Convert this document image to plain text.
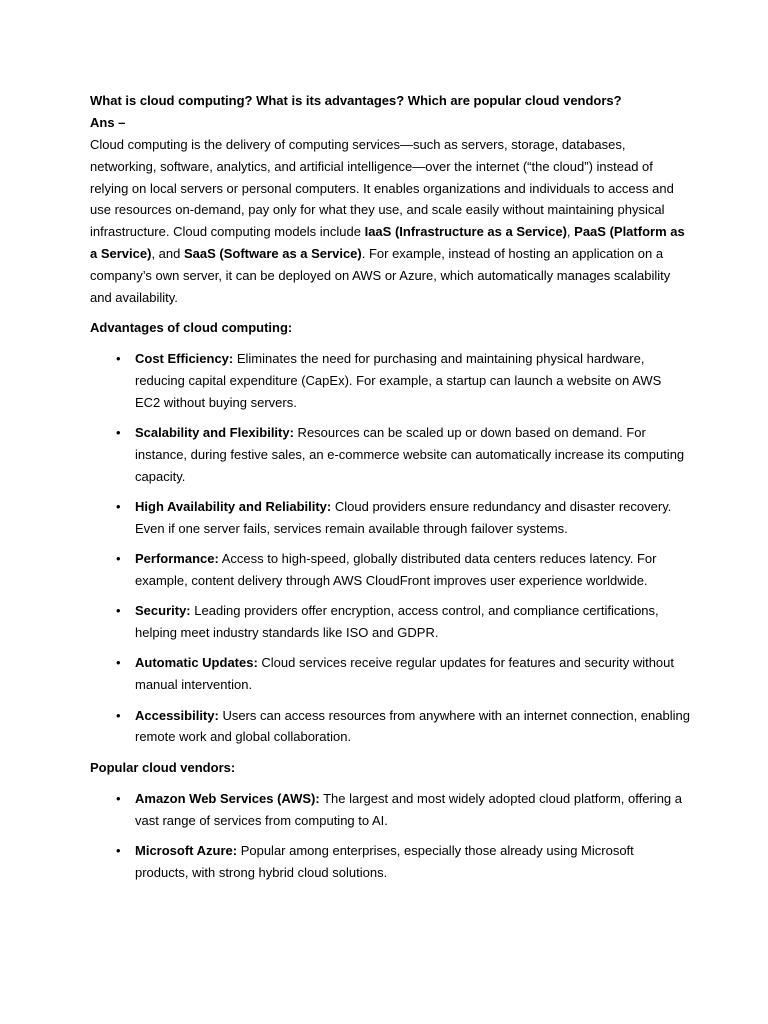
What is cloud computing? What is its advantages? Which are popular cloud vendors?

Ans –

Cloud computing is the delivery of computing services—such as servers, storage, databases, networking, software, analytics, and artificial intelligence—over the internet (“the cloud”) instead of relying on local servers or personal computers. It enables organizations and individuals to access and use resources on-demand, pay only for what they use, and scale easily without maintaining physical infrastructure. Cloud computing models include IaaS (Infrastructure as a Service), PaaS (Platform as a Service), and SaaS (Software as a Service). For example, instead of hosting an application on a company’s own server, it can be deployed on AWS or Azure, which automatically manages scalability and availability.

Advantages of cloud computing:

• Cost Efficiency: Eliminates the need for purchasing and maintaining physical hardware, reducing capital expenditure (CapEx). For example, a startup can launch a website on AWS EC2 without buying servers.
• Scalability and Flexibility: Resources can be scaled up or down based on demand. For instance, during festive sales, an e-commerce website can automatically increase its computing capacity.
• High Availability and Reliability: Cloud providers ensure redundancy and disaster recovery. Even if one server fails, services remain available through failover systems.
• Performance: Access to high-speed, globally distributed data centers reduces latency. For example, content delivery through AWS CloudFront improves user experience worldwide.
• Security: Leading providers offer encryption, access control, and compliance certifications, helping meet industry standards like ISO and GDPR.
• Automatic Updates: Cloud services receive regular updates for features and security without manual intervention.
• Accessibility: Users can access resources from anywhere with an internet connection, enabling remote work and global collaboration.

Popular cloud vendors:

• Amazon Web Services (AWS): The largest and most widely adopted cloud platform, offering a vast range of services from computing to AI.
• Microsoft Azure: Popular among enterprises, especially those already using Microsoft products, with strong hybrid cloud solutions.
